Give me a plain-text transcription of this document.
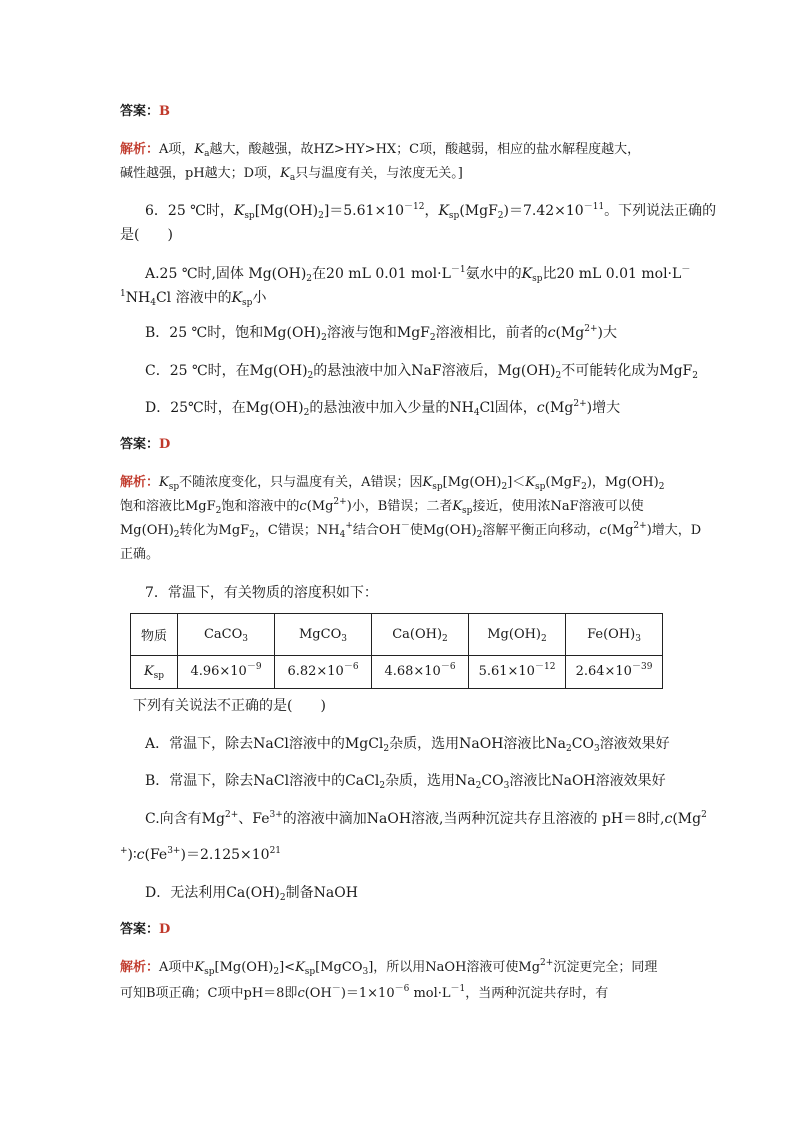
答案：B
解析：A项，$K_a$越大，酸越强，故HZ>HY>HX；C项，酸越弱，相应的盐水解程度越大，
碱性越强，pH越大；D项，$K_a$只与温度有关，与浓度无关。]
6．25 ℃时，$K_{sp}[Mg(OH)_2]=5.61\times 10^{-12}$，$K_{sp}(MgF_2)=7.42\times 10^{-11}$。下列说法正确的
是(　　)
A.25 ℃时,固体 $Mg(OH)_2$在20 mL 0.01 $mol\cdot L^{-1}$氨水中的$K_{sp}$比20 mL 0.01 mol·L－
$^1NH_4Cl$ 溶液中的$K_{sp}$小
B．25 ℃时，饱和$Mg(OH)_2$溶液与饱和MgF$_2$溶液相比，前者的$c(Mg^{2+})$大
C．25 ℃时，在$Mg(OH)_2$的悬浊液中加入NaF溶液后，$Mg(OH)_2$不可能转化成为MgF$_2$
D．25℃时，在$Mg(OH)_2$的悬浊液中加入少量的$NH_4Cl$固体，$c(Mg^{2+})$增大
答案：D
解析：$K_{sp}$不随浓度变化，只与温度有关，A错误；因$K_{sp}[Mg(OH)_2]<K_{sp}(MgF_2)$，$Mg(OH)_2$
饱和溶液比MgF$_2$饱和溶液中的$c(Mg^{2+})$小，B错误；二者$K_{sp}$接近，使用浓NaF溶液可以使
$Mg(OH)_2$转化为MgF$_2$，C错误；$NH_4^+$结合OH－使$Mg(OH)_2$溶解平衡正向移动，$c(Mg^{2+})$增大，D
正确。
7．常温下，有关物质的溶度积如下：
物质	CaCO$_3$	MgCO$_3$	$Ca(OH)_2$	$Mg(OH)_2$	$Fe(OH)_3$
$K_{sp}$	$4.96\times 10^{-9}$	$6.82\times 10^{-6}$	$4.68\times 10^{-6}$	$5.61\times 10^{-12}$	$2.64\times 10^{-39}$
下列有关说法不正确的是(　　)
A．常温下，除去NaCl溶液中的MgCl$_2$杂质，选用NaOH溶液比$Na_2CO_3$溶液效果好
B．常温下，除去NaCl溶液中的CaCl$_2$杂质，选用$Na_2CO_3$溶液比NaOH溶液效果好
C.向含有$Mg^{2+}$、$Fe^{3+}$的溶液中滴加NaOH溶液,当两种沉淀共存且溶液的 pH＝8时,c(Mg$^2$
$^+)∶c(Fe^{3+})=2.125\times 10^{21}$
D．无法利用$Ca(OH)_2$制备NaOH
答案：D
解析：A项中$K_{sp}[Mg(OH)_2]<K_{sp}[MgCO_3]$，所以用NaOH溶液可使$Mg^{2+}$沉淀更完全；同理
可知B项正确；C项中pH＝8即$c(OH^-)=1\times 10^{-6}$ $mol\cdot L^{-1}$，当两种沉淀共存时，有
